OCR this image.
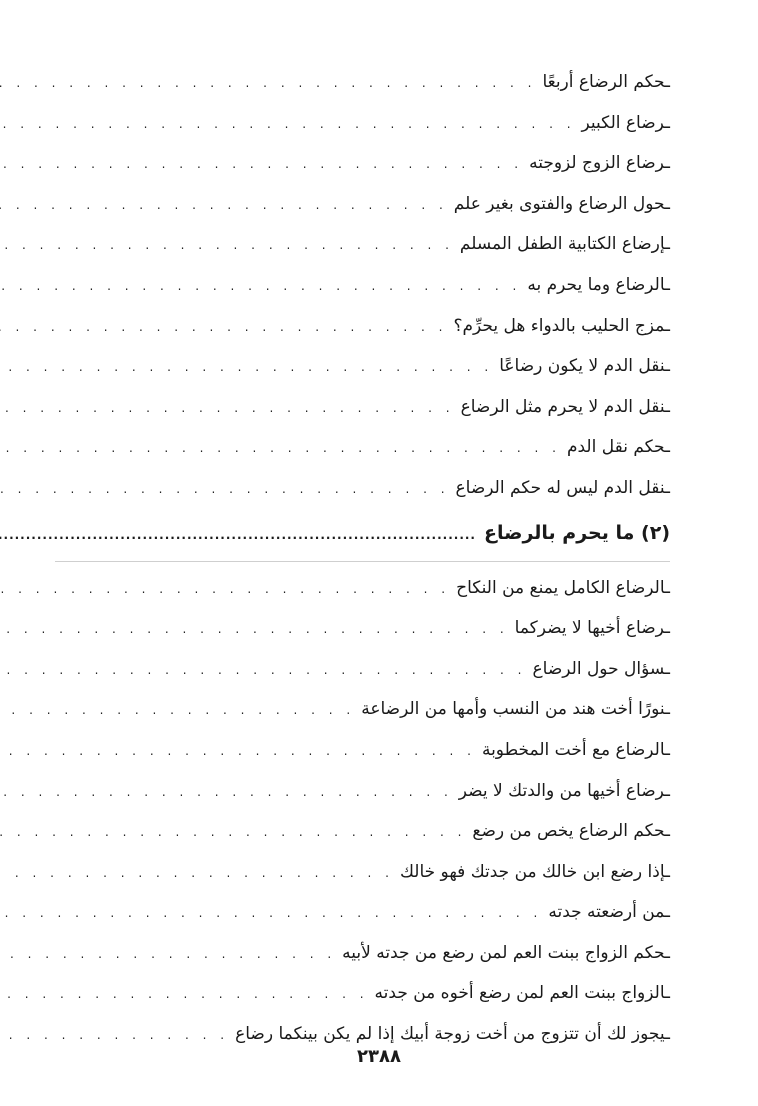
ـحكم الرضاع أربعًا
. . .
ـرضاع الكبير
. . .
ـرضاع الزوج لزوجته
. . .
ـحول الرضاع والفتوى بغير علم
. . .
ـإرضاع الكتابية الطفل المسلم
. . .
ـالرضاع وما يحرم به
. . .
ـمزج الحليب بالدواء هل يحرِّم؟
. . .
ـنقل الدم لا يكون رضاعًا
. . .
ـنقل الدم لا يحرم مثل الرضاع
. . .
ـحكم نقل الدم
. . .
ـنقل الدم ليس له حكم الرضاع
. . .
(٢) ما يحرم بالرضاع
.....
ـالرضاع الكامل يمنع من النكاح
. . .
ـرضاع أخيها لا يضركما
. . .
ـسؤال حول الرضاع
. . .
ـنورًا أخت هند من النسب وأمها من الرضاعة
. . .
ـالرضاع مع أخت المخطوبة
. . .
ـرضاع أخيها من والدتك لا يضر
. . .
ـحكم الرضاع يخص من رضع
. . .
ـإذا رضع ابن خالك من جدتك فهو خالك
. . .
ـمن أرضعته جدته
. . .
ـحكم الزواج ببنت العم لمن رضع من جدته لأبيه
. . .
ـالزواج ببنت العم لمن رضع أخوه من جدته
. . .
ـيجوز لك أن تتزوج من أخت زوجة أبيك إذا لم يكن بينكما رضاع
. . .
٢٣٨٨
